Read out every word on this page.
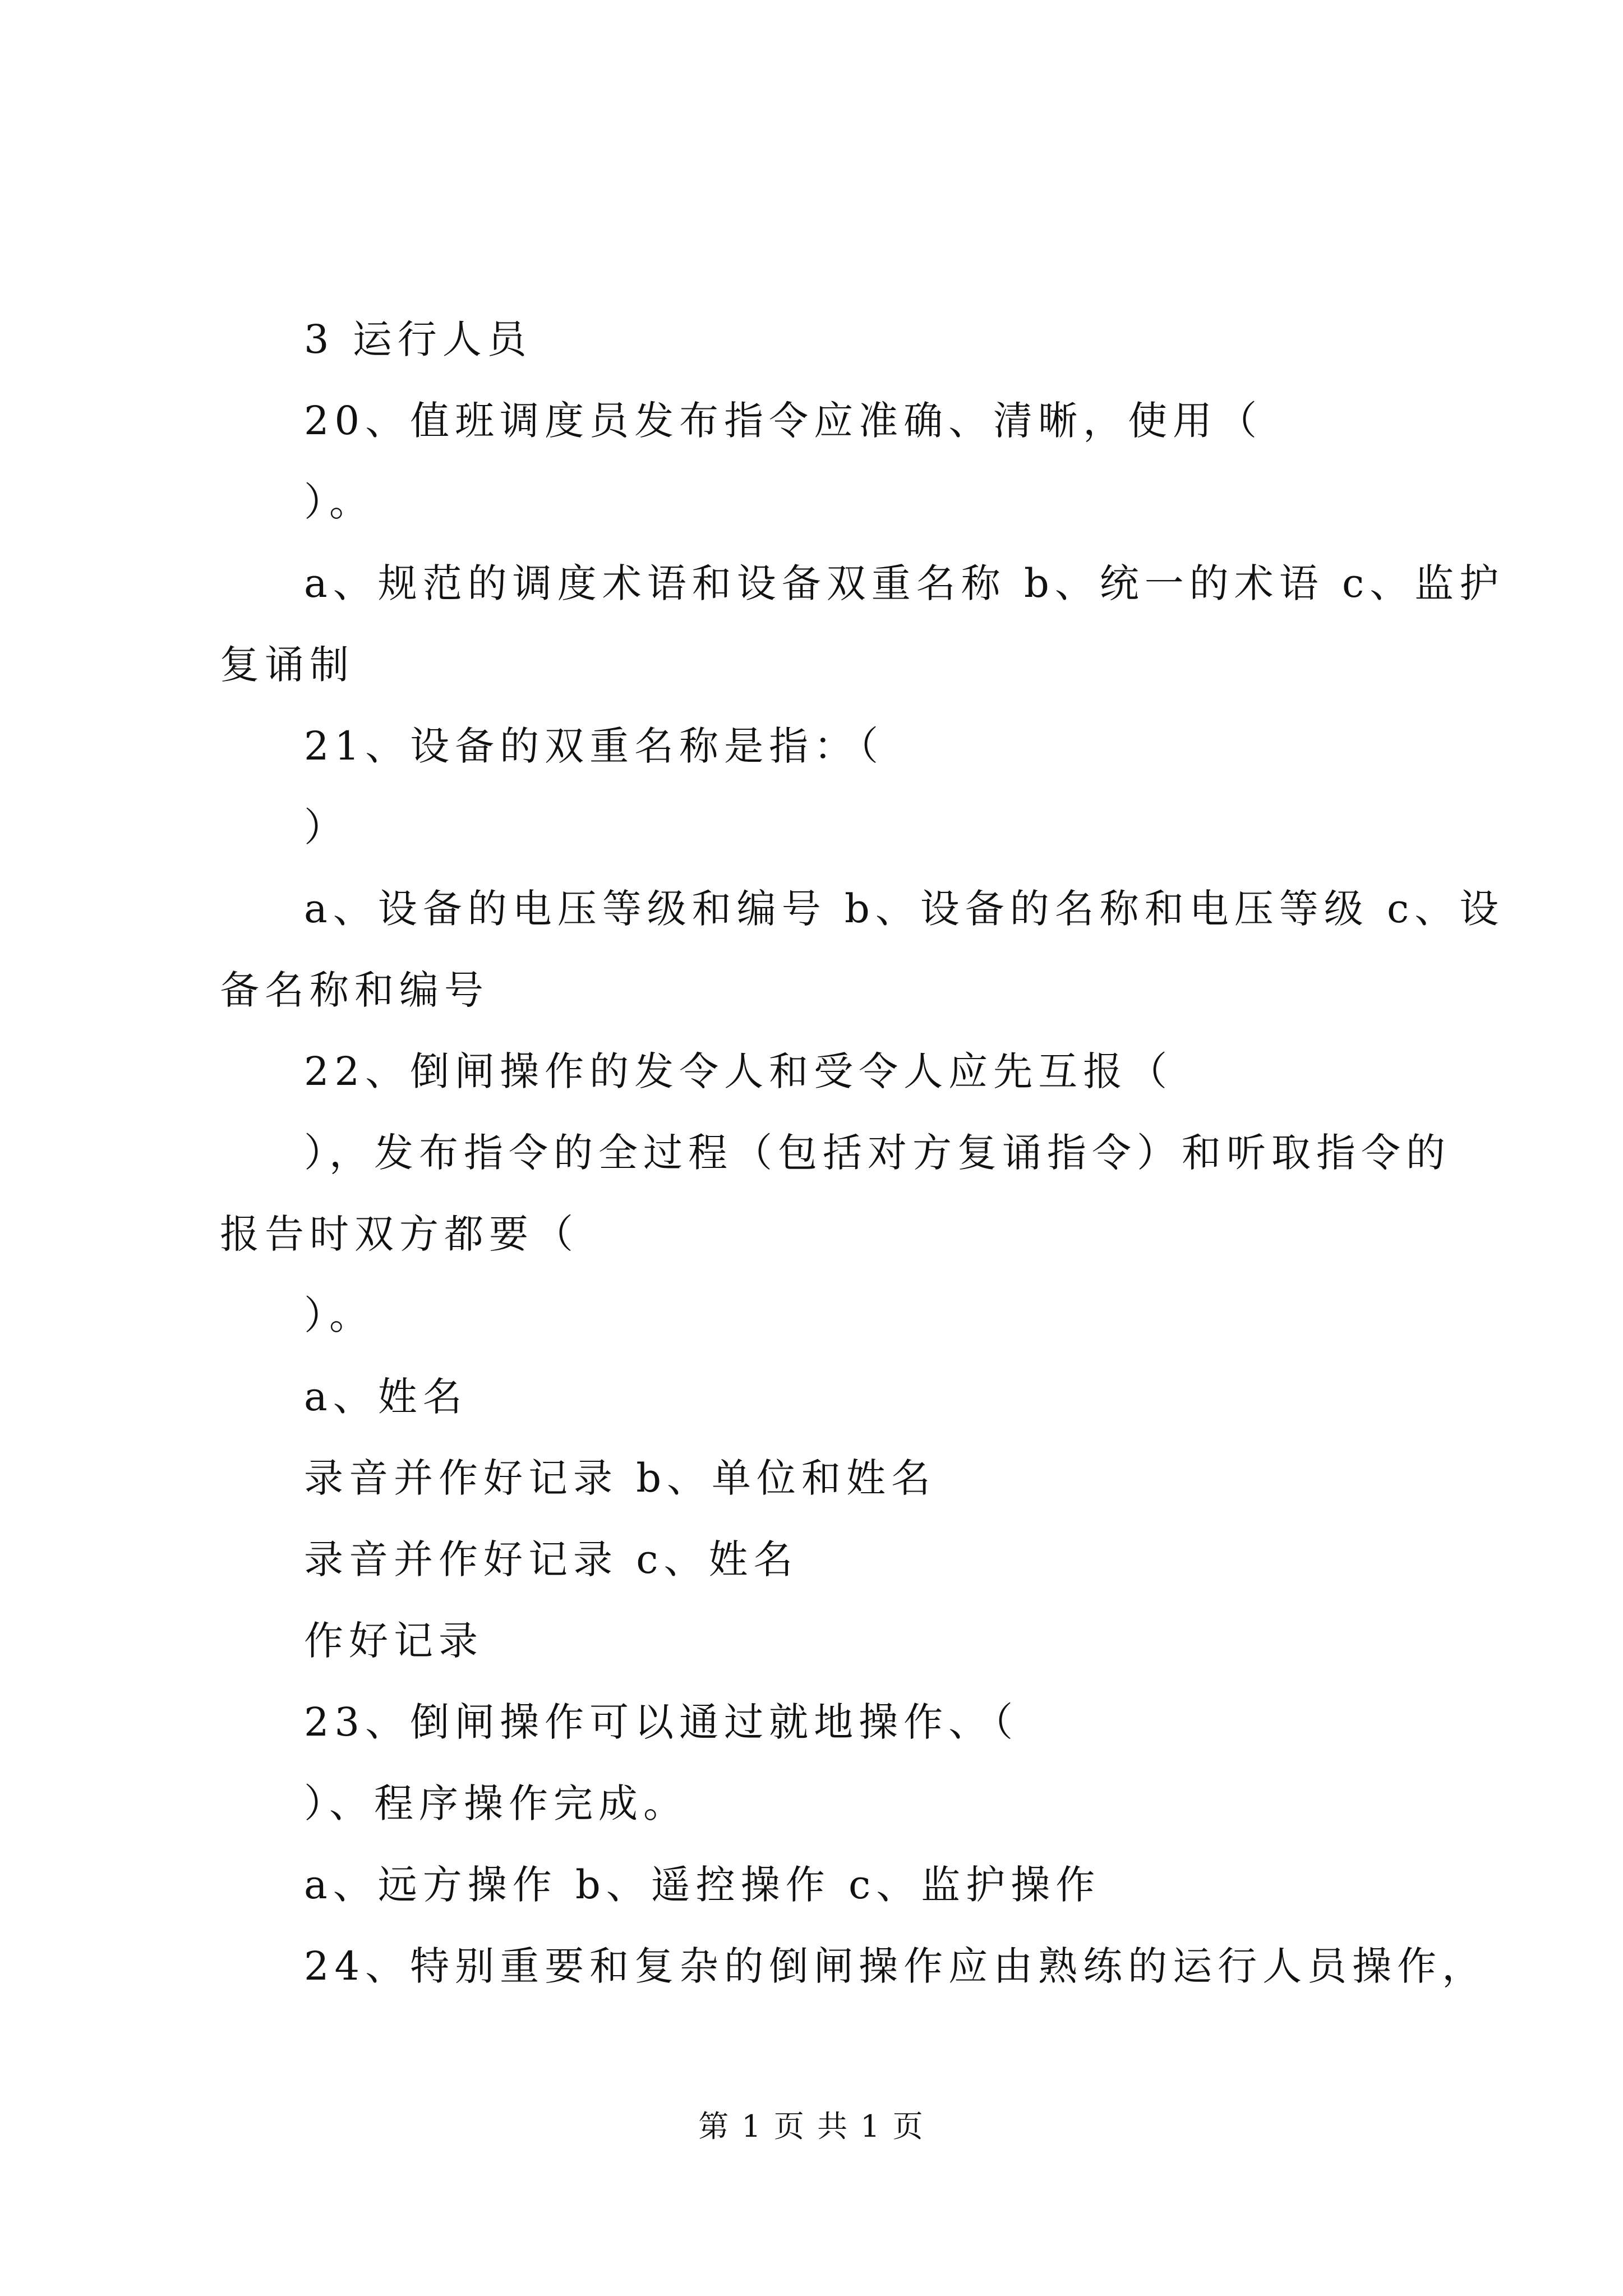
3 运行人员
20、值班调度员发布指令应准确、清晰，使用（
）。
a、规范的调度术语和设备双重名称 b、统一的术语 c、监护
复诵制
21、设备的双重名称是指：（
）
a、设备的电压等级和编号 b、设备的名称和电压等级 c、设
备名称和编号
22、倒闸操作的发令人和受令人应先互报（
），发布指令的全过程（包括对方复诵指令）和听取指令的
报告时双方都要（
）。
a、姓名
录音并作好记录 b、单位和姓名
录音并作好记录 c、姓名
作好记录
23、倒闸操作可以通过就地操作、（
）、程序操作完成。
a、远方操作 b、遥控操作 c、监护操作
24、特别重要和复杂的倒闸操作应由熟练的运行人员操作，
第 1 页 共 1 页
